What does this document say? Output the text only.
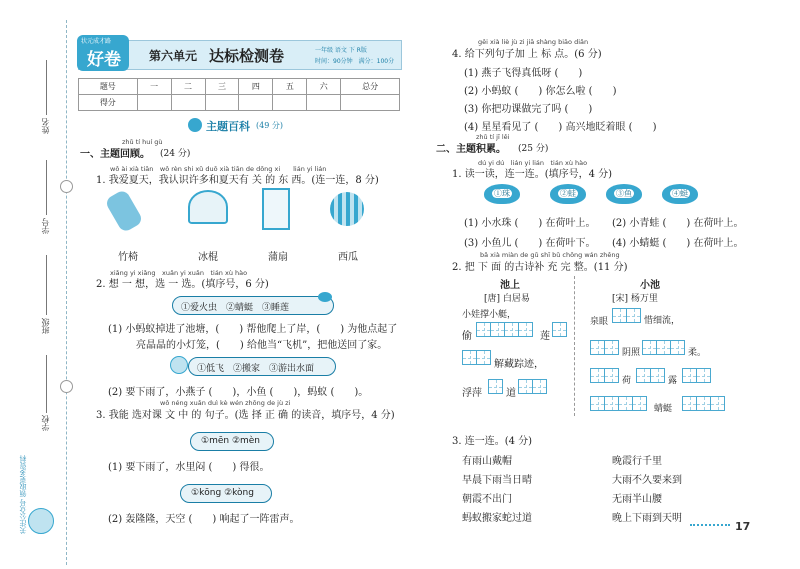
姓名
学号
班级
学校
关注公众号 领取更多资料
状元成才路
好卷 第六单元 达标检测卷	一年级 语文 下 R版
时间：90分钟　满分：100分
题号	一	二	三	四	五	六	总分
得分							
主题百科 (49 分)
zhǔ tí huí gù
一、主题回顾。 (24 分)
wǒ ài xià tiān　wǒ rèn shi xǔ duō xià tiān de dōng xi　　lián yi lián
1. 我爱夏天，我认识许多和夏天有 关 的 东 西。(连一连，8 分)
竹椅	冰棍	蒲扇	西瓜
xiǎng yi xiǎng　xuǎn yi xuǎn　tián xù hào
2. 想 一 想，选 一 选。(填序号，6 分)
①爱火虫　②蜻蜓　③睡莲
(1) 小蚂蚁掉进了池塘，(　　) 帮他爬上了岸，(　　) 为他点起了
亮晶晶的小灯笼，(　　) 给他当“飞机”，把他送回了家。
①低飞　②搬家　③游出水面
(2) 要下雨了，小燕子 (　　)，小鱼 (　　)，蚂蚁 (　　)。
wǒ néng xuǎn duì kè wén zhōng de jù zi
3. 我能 选对课 文 中 的 句子。(选 择 正 确 的读音，填序号，4 分)
①mēn ②mèn
(1) 要下雨了，水里闷 (　　) 得很。
①kōng ②kòng
(2) 轰隆隆，天空 (　　) 响起了一阵雷声。
gěi xià liè jù zi jiā shàng biāo diǎn
4. 给下列句子加 上 标 点。(6 分)
(1) 燕子飞得真低呀 (　　)
(2) 小蚂蚁 (　　) 你怎么啦 (　　)
(3) 你把功课做完了吗 (　　)
(4) 星星看见了 (　　) 高兴地眨着眼 (　　)
zhǔ tí jī lěi
二、主题积累。 (25 分)
dú yi dú　lián yi lián　tián xù hào
1. 读一读，连一连。(填序号，4 分)
①珠	②蛙	③鱼	④蜓
(1) 小水珠 (　　) 在荷叶上。 (2) 小青蛙 (　　) 在荷叶上。
(3) 小鱼儿 (　　) 在荷叶下。 (4) 小蜻蜓 (　　) 在荷叶上。
bǎ xià miàn de gǔ shī bǔ chōng wán zhěng
2. 把 下 面 的古诗补 充 完 整。(11 分)
池上
[唐] 白居易
小娃撑小艇，
偷	莲
解藏踪迹，
浮萍 道
小池
[宋] 杨万里
泉眼	惜细流，
阴照	柔。
荷	露
蜻蜓
3. 连一连。(4 分)
有雨山戴帽
早晨下雨当日晴
朝霞不出门
蚂蚁搬家蛇过道
晚霞行千里
大雨不久要来到
无雨半山腰
晚上下雨到天明
17
